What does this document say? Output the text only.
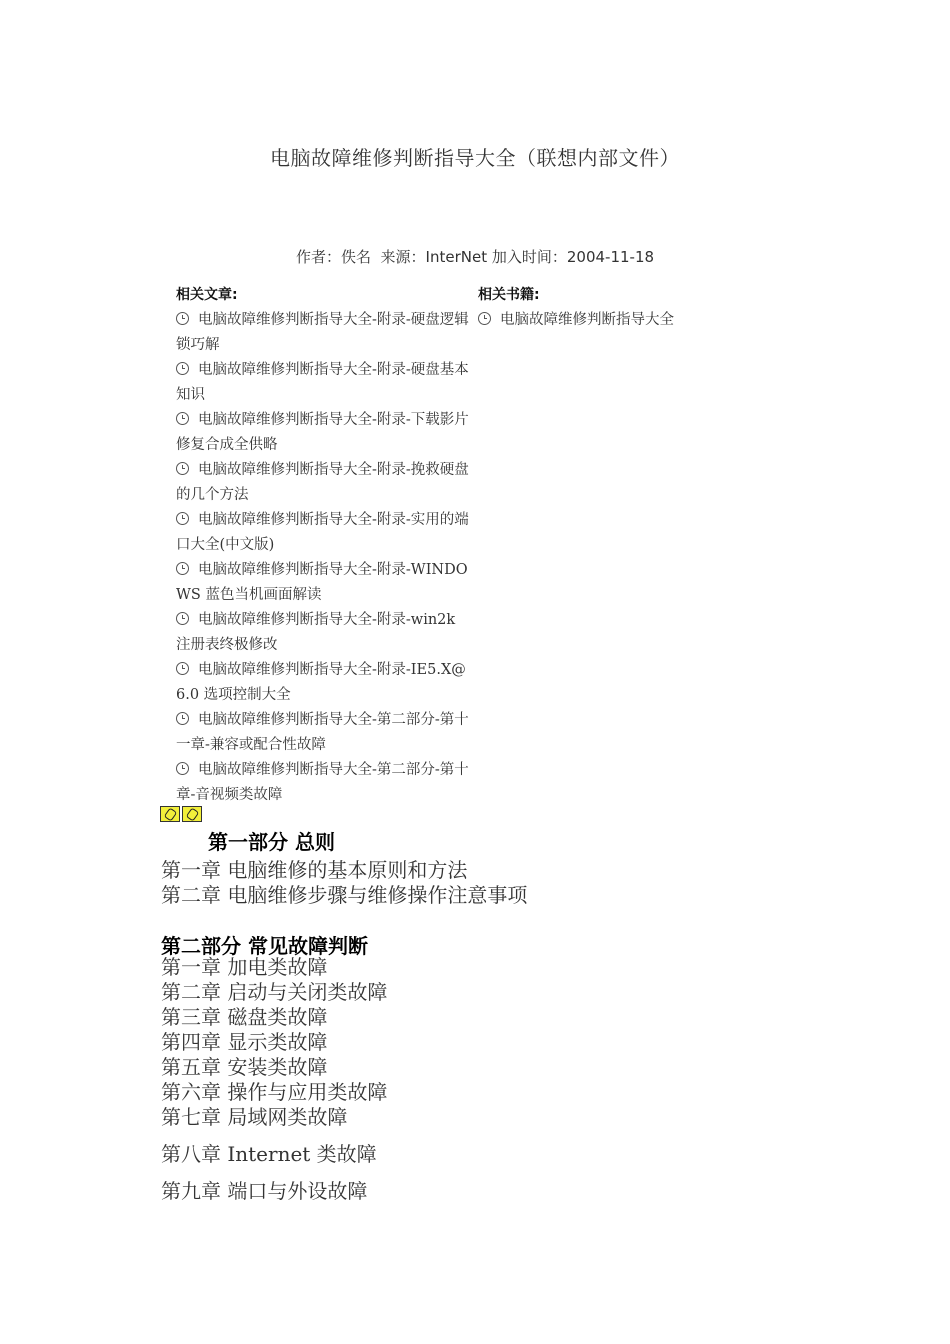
电脑故障维修判断指导大全（联想内部文件）
作者：佚名 来源：InterNet 加入时间：2004-11-18
相关文章:
电脑故障维修判断指导大全-附录-硬盘逻辑锁巧解
电脑故障维修判断指导大全-附录-硬盘基本知识
电脑故障维修判断指导大全-附录-下载影片修复合成全供略
电脑故障维修判断指导大全-附录-挽救硬盘的几个方法
电脑故障维修判断指导大全-附录-实用的端口大全(中文版)
电脑故障维修判断指导大全-附录-WINDOWS 蓝色当机画面解读
电脑故障维修判断指导大全-附录-win2k 注册表终极修改
电脑故障维修判断指导大全-附录-IE5.X@6.0 选项控制大全
电脑故障维修判断指导大全-第二部分-第十一章-兼容或配合性故障
电脑故障维修判断指导大全-第二部分-第十章-音视频类故障
相关书籍:
电脑故障维修判断指导大全
第一部分 总则
第一章 电脑维修的基本原则和方法
第二章 电脑维修步骤与维修操作注意事项
第二部分 常见故障判断
第一章 加电类故障
第二章 启动与关闭类故障
第三章 磁盘类故障
第四章 显示类故障
第五章 安装类故障
第六章 操作与应用类故障
第七章 局域网类故障
第八章 Internet 类故障
第九章 端口与外设故障
